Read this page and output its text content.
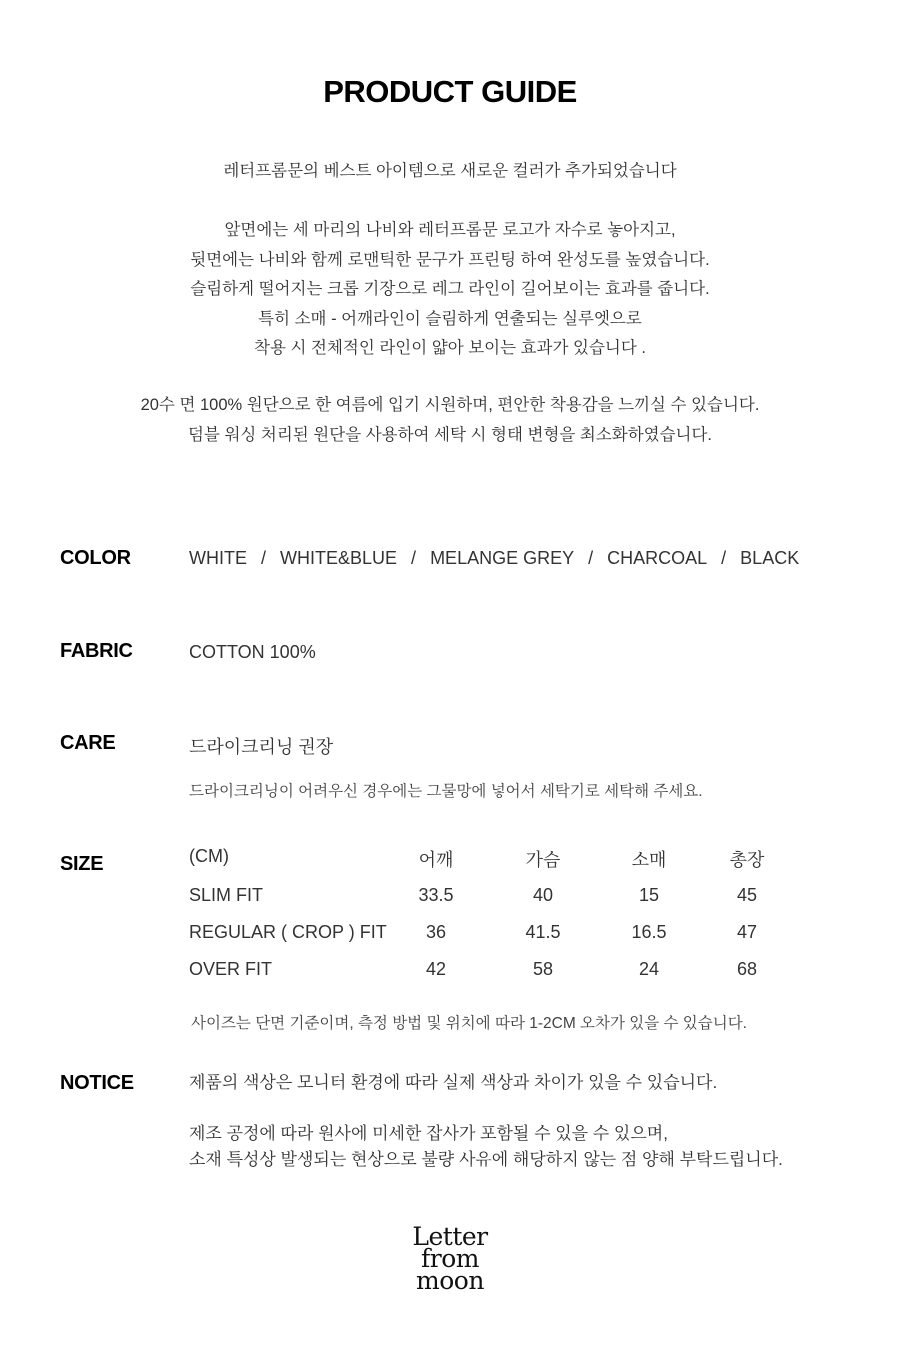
PRODUCT GUIDE

레터프롬문의 베스트 아이템으로 새로운 컬러가 추가되었습니다

앞면에는 세 마리의 나비와 레터프롬문 로고가 자수로 놓아지고,

뒷면에는 나비와 함께 로맨틱한 문구가 프린팅 하여 완성도를 높였습니다.

슬림하게 떨어지는 크롭 기장으로 레그 라인이 길어보이는 효과를 줍니다.

특히 소매 - 어깨라인이 슬림하게 연출되는 실루엣으로

착용 시 전체적인 라인이 얇아 보이는 효과가 있습니다 .

20수 면 100% 원단으로 한 여름에 입기 시원하며, 편안한 착용감을 느끼실 수 있습니다.

덤블 워싱 처리된 원단을 사용하여 세탁 시 형태 변형을 최소화하였습니다.

COLOR	WHITE / WHITE&BLUE / MELANGE GREY / CHARCOAL / BLACK
FABRIC	COTTON 100%
CARE	드라이크리닝 권장
드라이크리닝이 어려우신 경우에는 그물망에 넣어서 세탁기로 세탁해 주세요.
SIZE	(CM)	어깨	가슴	소매	총장
SLIM FIT	33.5	40	15	45
REGULAR ( CROP ) FIT	36	41.5	16.5	47
OVER FIT	42	58	24	68
사이즈는 단면 기준이며, 측정 방법 및 위치에 따라 1-2CM 오차가 있을 수 있습니다.
NOTICE	제품의 색상은 모니터 환경에 따라 실제 색상과 차이가 있을 수 있습니다.

제조 공정에 따라 원사에 미세한 잡사가 포함될 수 있을 수 있으며,

소재 특성상 발생되는 현상으로 불량 사유에 해당하지 않는 점 양해 부탁드립니다.

Letter
from
moon
